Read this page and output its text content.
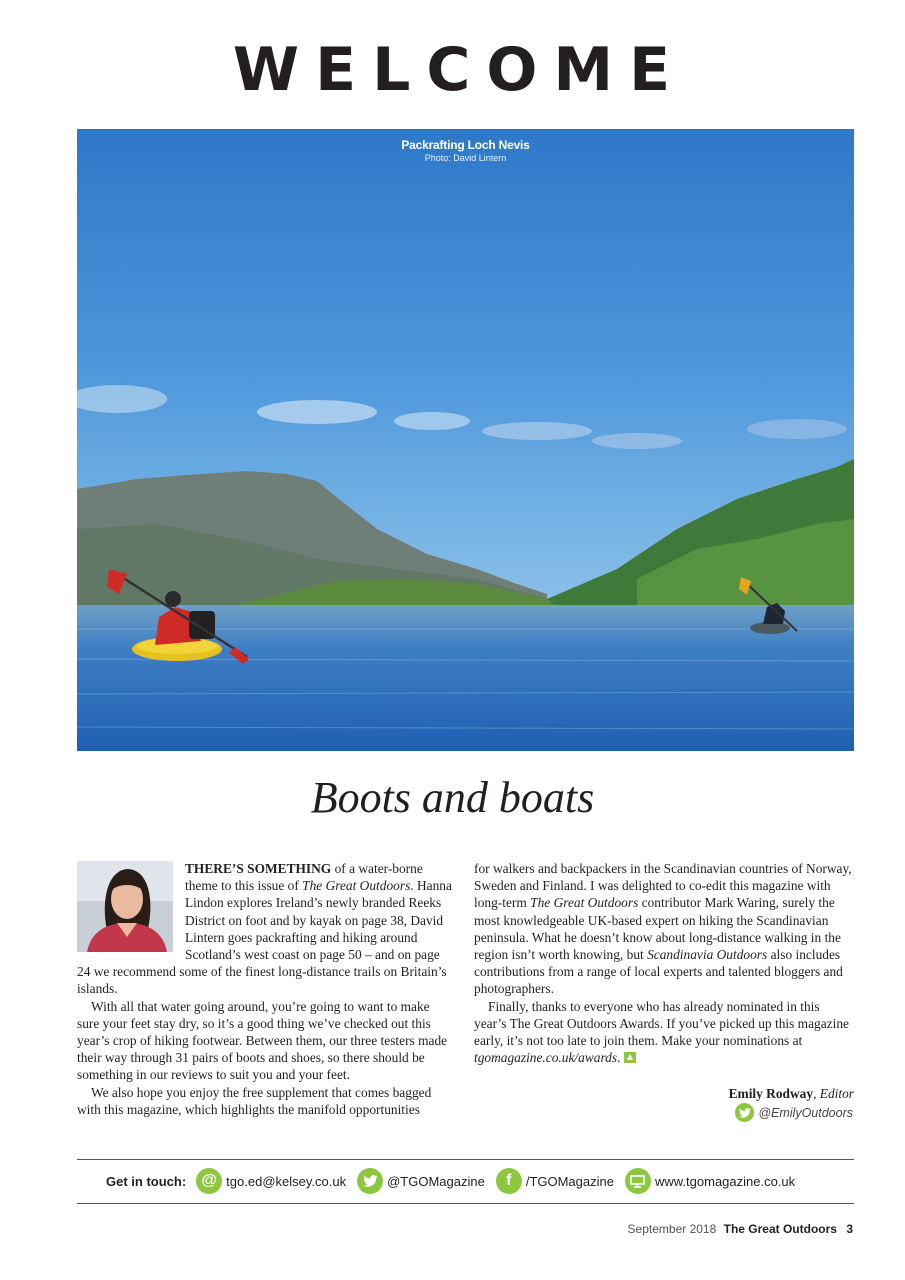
WELCOME
Packrafting Loch Nevis
Photo: David Lintern
Boots and boats

THERE’S SOMETHING of a water-borne theme to this issue of The Great Outdoors. Hanna Lindon explores Ireland’s newly branded Reeks District on foot and by kayak on page 38, David Lintern goes packrafting and hiking around Scotland’s west coast on page 50 – and on page 24 we recommend some of the finest long-distance trails on Britain’s islands.

With all that water going around, you’re going to want to make sure your feet stay dry, so it’s a good thing we’ve checked out this year’s crop of hiking footwear. Between them, our three testers made their way through 31 pairs of boots and shoes, so there should be something in our reviews to suit you and your feet.

We also hope you enjoy the free supplement that comes bagged with this magazine, which highlights the manifold opportunities

for walkers and backpackers in the Scandinavian countries of Norway, Sweden and Finland. I was delighted to co-edit this magazine with long-term The Great Outdoors contributor Mark Waring, surely the most knowledgeable UK-based expert on hiking the Scandinavian peninsula. What he doesn’t know about long-distance walking in the region isn’t worth knowing, but Scandinavia Outdoors also includes contributions from a range of local experts and talented bloggers and photographers.

Finally, thanks to everyone who has already nominated in this year’s The Great Outdoors Awards. If you’ve picked up this magazine early, it’s not too late to join them. Make your nominations at tgomagazine.co.uk/awards.

Emily Rodway, Editor
@EmilyOutdoors
Get in touch: @ tgo.ed@kelsey.co.uk	@TGOMagazine	f	/TGOMagazine	www.tgomagazine.co.uk
September 2018 The Great Outdoors 3
